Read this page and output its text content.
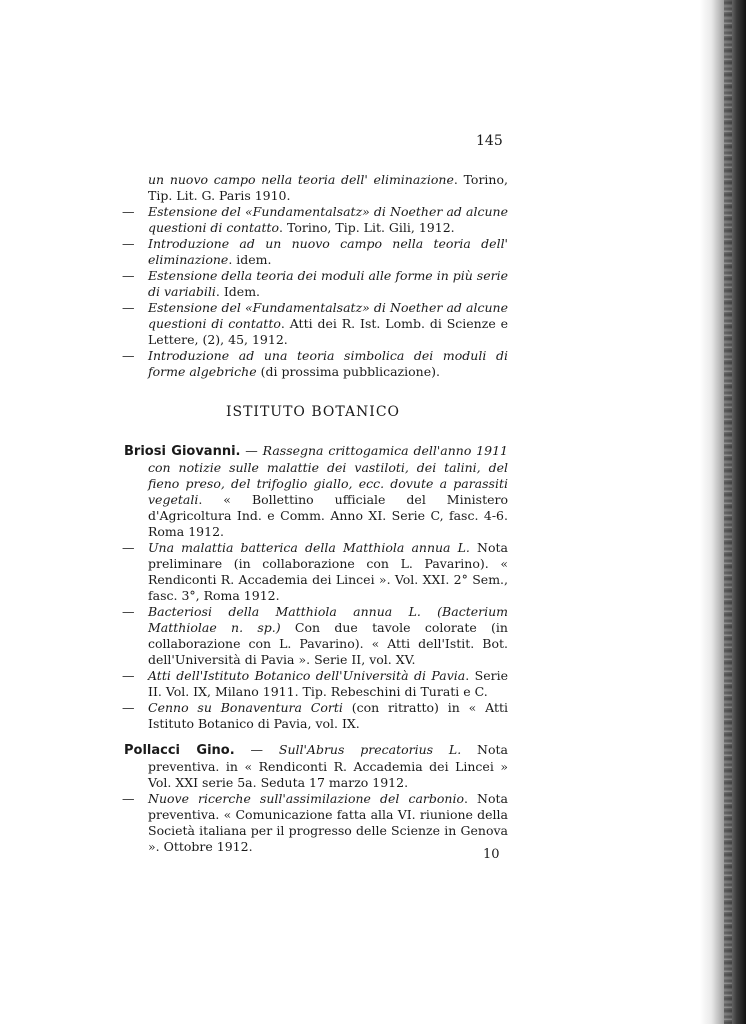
145

un nuovo campo nella teoria dell' eliminazione. Torino, Tip. Lit. G. Paris 1910.

— Estensione del «Fundamentalsatz» di Noether ad alcune questioni di contatto. Torino, Tip. Lit. Gili, 1912.

— Introduzione ad un nuovo campo nella teoria dell' eliminazione. idem.

— Estensione della teoria dei moduli alle forme in più serie di variabili. Idem.

— Estensione del «Fundamentalsatz» di Noether ad alcune questioni di contatto. Atti dei R. Ist. Lomb. di Scienze e Lettere, (2), 45, 1912.

— Introduzione ad una teoria simbolica dei moduli di forme algebriche (di prossima pubblicazione).

ISTITUTO BOTANICO

Briosi Giovanni. — Rassegna crittogamica dell'anno 1911 con notizie sulle malattie dei vastiloti, dei talini, del fieno preso, del trifoglio giallo, ecc. dovute a parassiti vegetali. « Bollettino ufficiale del Ministero d'Agricoltura Ind. e Comm. Anno XI. Serie C, fasc. 4-6. Roma 1912.

— Una malattia batterica della Matthiola annua L. Nota preliminare (in collaborazione con L. Pavarino). « Rendiconti R. Accademia dei Lincei ». Vol. XXI. 2° Sem., fasc. 3°, Roma 1912.

— Bacteriosi della Matthiola annua L. (Bacterium Matthiolae n. sp.) Con due tavole colorate (in collaborazione con L. Pavarino). « Atti dell'Istit. Bot. dell'Università di Pavia ». Serie II, vol. XV.

— Atti dell'Istituto Botanico dell'Università di Pavia. Serie II. Vol. IX, Milano 1911. Tip. Rebeschini di Turati e C.

— Cenno su Bonaventura Corti (con ritratto) in « Atti Istituto Botanico di Pavia, vol. IX.

Pollacci Gino. — Sull'Abrus precatorius L. Nota preventiva. in « Rendiconti R. Accademia dei Lincei » Vol. XXI serie 5a. Seduta 17 marzo 1912.

— Nuove ricerche sull'assimilazione del carbonio. Nota preventiva. « Comunicazione fatta alla VI. riunione della Società italiana per il progresso delle Scienze in Genova ». Ottobre 1912.

10
